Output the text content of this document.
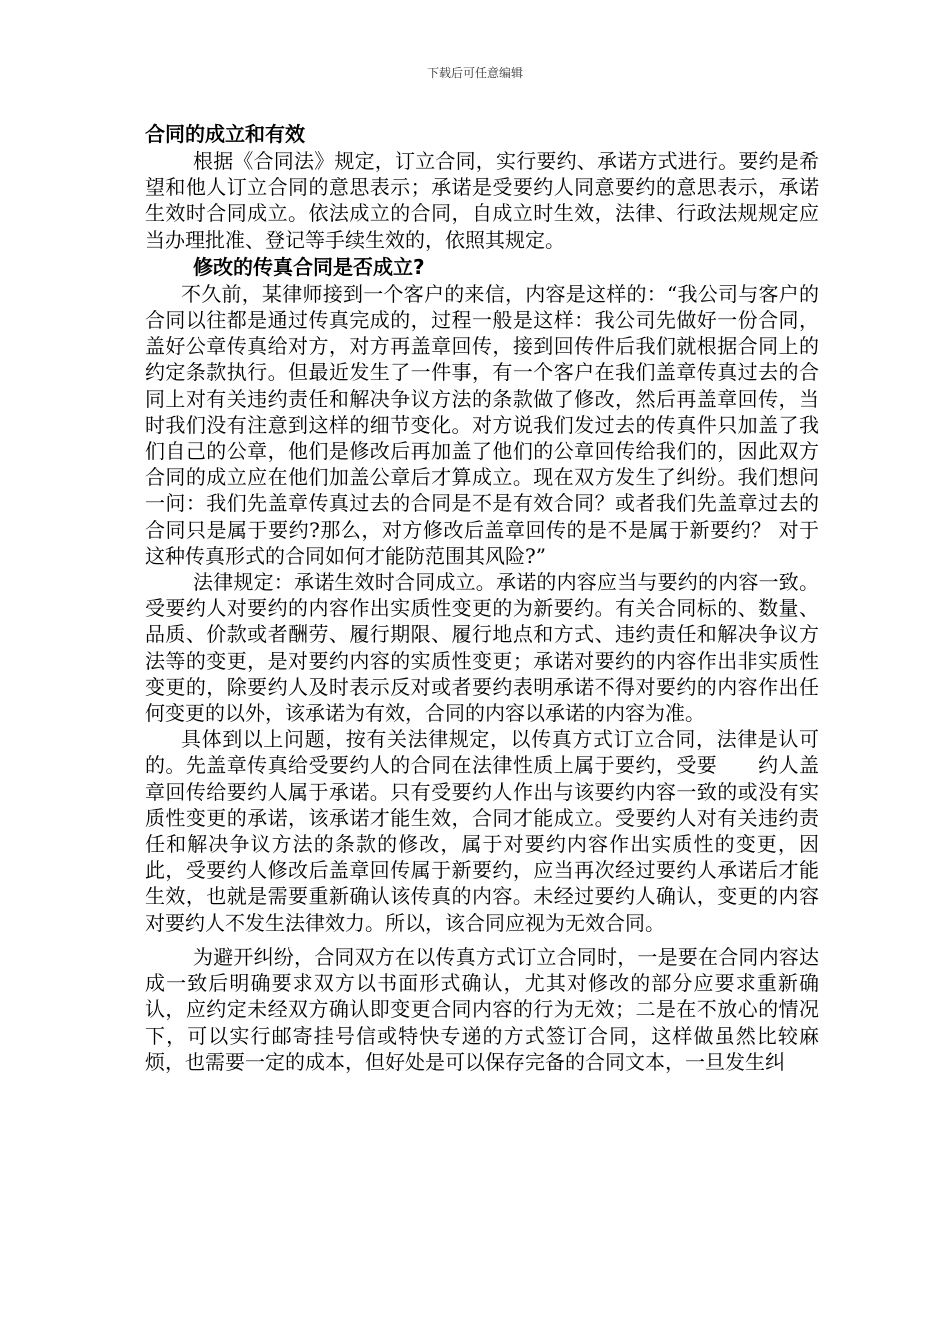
下载后可任意编辑
合同的成立和有效

根据《合同法》规定，订立合同，实行要约、承诺方式进行。要约是希望和他人订立合同的意思表示；承诺是受要约人同意要约的意思表示，承诺生效时合同成立。依法成立的合同，自成立时生效，法律、行政法规规定应当办理批准、登记等手续生效的，依照其规定。

修改的传真合同是否成立?

不久前，某律师接到一个客户的来信，内容是这样的：“我公司与客户的合同以往都是通过传真完成的，过程一般是这样：我公司先做好一份合同，盖好公章传真给对方，对方再盖章回传，接到回传件后我们就根据合同上的约定条款执行。但最近发生了一件事，有一个客户在我们盖章传真过去的合同上对有关违约责任和解决争议方法的条款做了修改，然后再盖章回传，当时我们没有注意到这样的细节变化。对方说我们发过去的传真件只加盖了我们自己的公章，他们是修改后再加盖了他们的公章回传给我们的，因此双方合同的成立应在他们加盖公章后才算成立。现在双方发生了纠纷。我们想问一问：我们先盖章传真过去的合同是不是有效合同？或者我们先盖章过去的合同只是属于要约?那么，对方修改后盖章回传的是不是属于新要约？ 对于这种传真形式的合同如何才能防范围其风险?”

法律规定：承诺生效时合同成立。承诺的内容应当与要约的内容一致。受要约人对要约的内容作出实质性变更的为新要约。有关合同标的、数量、品质、价款或者酬劳、履行期限、履行地点和方式、违约责任和解决争议方法等的变更，是对要约内容的实质性变更；承诺对要约的内容作出非实质性变更的，除要约人及时表示反对或者要约表明承诺不得对要约的内容作出任何变更的以外，该承诺为有效，合同的内容以承诺的内容为准。

具体到以上问题，按有关法律规定，以传真方式订立合同，法律是认可的。先盖章传真给受要约人的合同在法律性质上属于要约，受要　　约人盖章回传给要约人属于承诺。只有受要约人作出与该要约内容一致的或没有实质性变更的承诺，该承诺才能生效，合同才能成立。受要约人对有关违约责任和解决争议方法的条款的修改，属于对要约内容作出实质性的变更，因此，受要约人修改后盖章回传属于新要约，应当再次经过要约人承诺后才能生效，也就是需要重新确认该传真的内容。未经过要约人确认，变更的内容对要约人不发生法律效力。所以，该合同应视为无效合同。

为避开纠纷，合同双方在以传真方式订立合同时，一是要在合同内容达成一致后明确要求双方以书面形式确认，尤其对修改的部分应要求重新确认，应约定未经双方确认即变更合同内容的行为无效；二是在不放心的情况下，可以实行邮寄挂号信或特快专递的方式签订合同，这样做虽然比较麻烦，也需要一定的成本，但好处是可以保存完备的合同文本，一旦发生纠
